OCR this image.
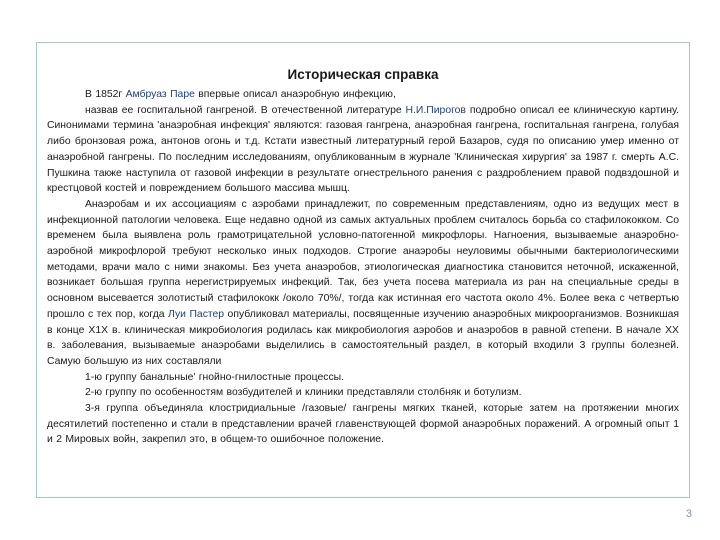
Историческая справка

В 1852г Амбруаз Паре впервые описал анаэробную инфекцию,

назвав ее госпитальной гангреной. В отечественной литературе Н.И.Пирогов подробно описал ее клиническую картину. Синонимами термина 'анаэробная инфекция' являются: газовая гангрена, анаэробная гангрена, госпитальная гангрена, голубая либо бронзовая рожа, антонов огонь и т.д. Кстати известный литературный герой Базаров, судя по описанию умер именно от анаэробной гангрены. По последним исследованиям, опубликованным в журнале 'Клиническая хирургия' за 1987 г. смерть А.С. Пушкина также наступила от газовой инфекции в результате огнестрельного ранения с раздроблением правой подвздошной и крестцовой костей и повреждением большого массива мышц.

Анаэробам и их ассоциациям с аэробами принадлежит, по современным представлениям, одно из ведущих мест в инфекционной патологии человека. Еще недавно одной из самых актуальных проблем считалось борьба со стафилококком. Со временем была выявлена роль грамотрицательной условно-патогенной микрофлоры. Нагноения, вызываемые анаэробно-аэробной микрофлорой требуют несколько иных подходов. Строгие анаэробы неуловимы обычными бактериологическими методами, врачи мало с ними знакомы. Без учета анаэробов, этиологическая диагностика становится неточной, искаженной, возникает большая группа нерегистрируемых инфекций. Так, без учета посева материала из ран на специальные среды в основном высевается золотистый стафилококк /около 70%/, тогда как истинная его частота около 4%. Более века с четвертью прошло с тех пор, когда Луи Пастер опубликовал материалы, посвященные изучению анаэробных микроорганизмов. Возникшая в конце Х1Х в. клиническая микробиология родилась как микробиология аэробов и анаэробов в равной степени. В начале ХХ в. заболевания, вызываемые анаэробами выделились в самостоятельный раздел, в который входили 3 группы болезней. Самую большую из них составляли

1-ю группу банальные' гнойно-гнилостные процессы.

2-ю группу по особенностям возбудителей и клиники представляли столбняк и ботулизм.

3-я группа объединяла клостридиальные /газовые/ гангрены мягких тканей, которые затем на протяжении многих десятилетий постепенно и стали в представлении врачей главенствующей формой анаэробных поражений. А огромный опыт 1 и 2 Мировых войн, закрепил это, в общем-то ошибочное положение.

3
